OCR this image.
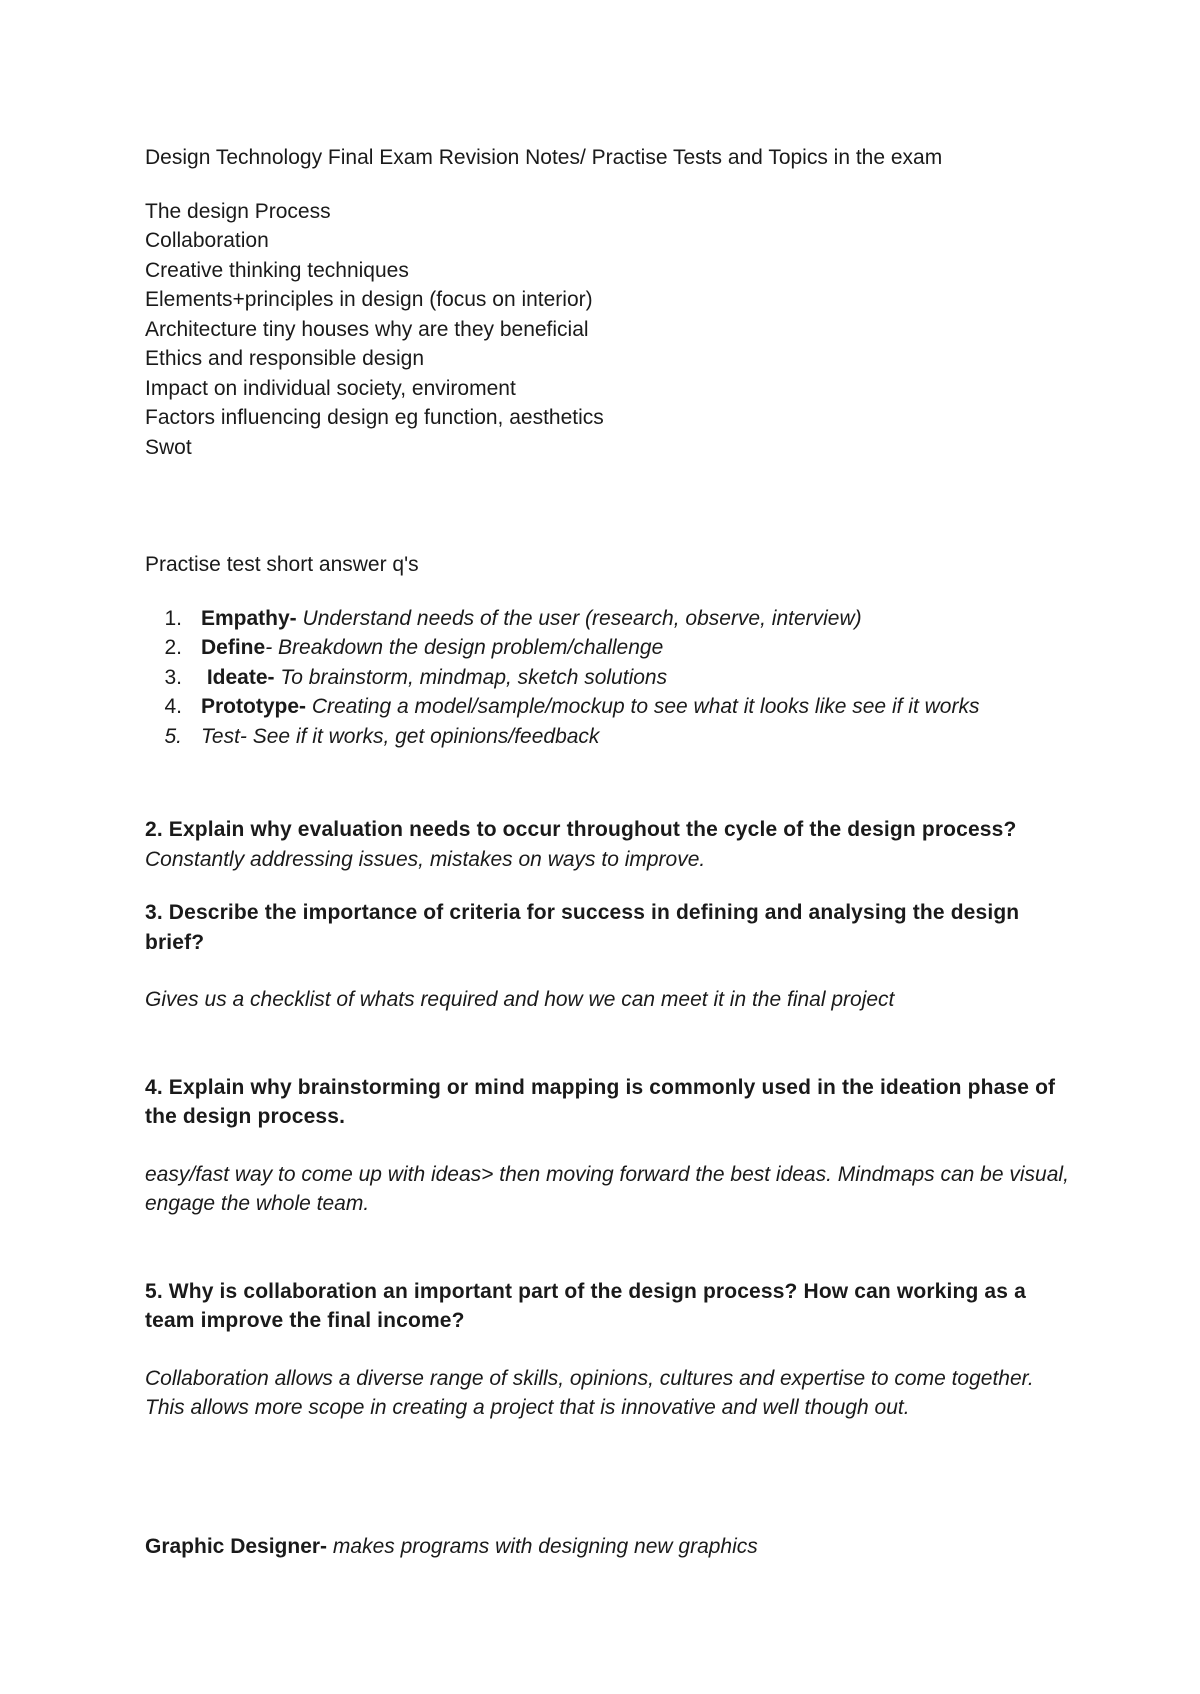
Design Technology Final Exam Revision Notes/ Practise Tests and Topics in the exam

The design Process
Collaboration
Creative thinking techniques
Elements+principles in design (focus on interior)
Architecture tiny houses why are they beneficial
Ethics and responsible design
Impact on individual society, enviroment
Factors influencing design eg function, aesthetics
Swot

Practise test short answer q's

1. Empathy- Understand needs of the user (research, observe, interview)
2. Define- Breakdown the design problem/challenge
3. Ideate- To brainstorm, mindmap, sketch solutions
4. Prototype- Creating a model/sample/mockup to see what it looks like see if it works
5. Test- See if it works, get opinions/feedback

2. Explain why evaluation needs to occur throughout the cycle of the design process?

Constantly addressing issues, mistakes on ways to improve.

3. Describe the importance of criteria for success in defining and analysing the design brief?

Gives us a checklist of whats required and how we can meet it in the final project

4. Explain why brainstorming or mind mapping is commonly used in the ideation phase of the design process.

easy/fast way to come up with ideas> then moving forward the best ideas. Mindmaps can be visual, engage the whole team.

5. Why is collaboration an important part of the design process? How can working as a team improve the final income?

Collaboration allows a diverse range of skills, opinions, cultures and expertise to come together. This allows more scope in creating a project that is innovative and well though out.

Graphic Designer- makes programs with designing new graphics
